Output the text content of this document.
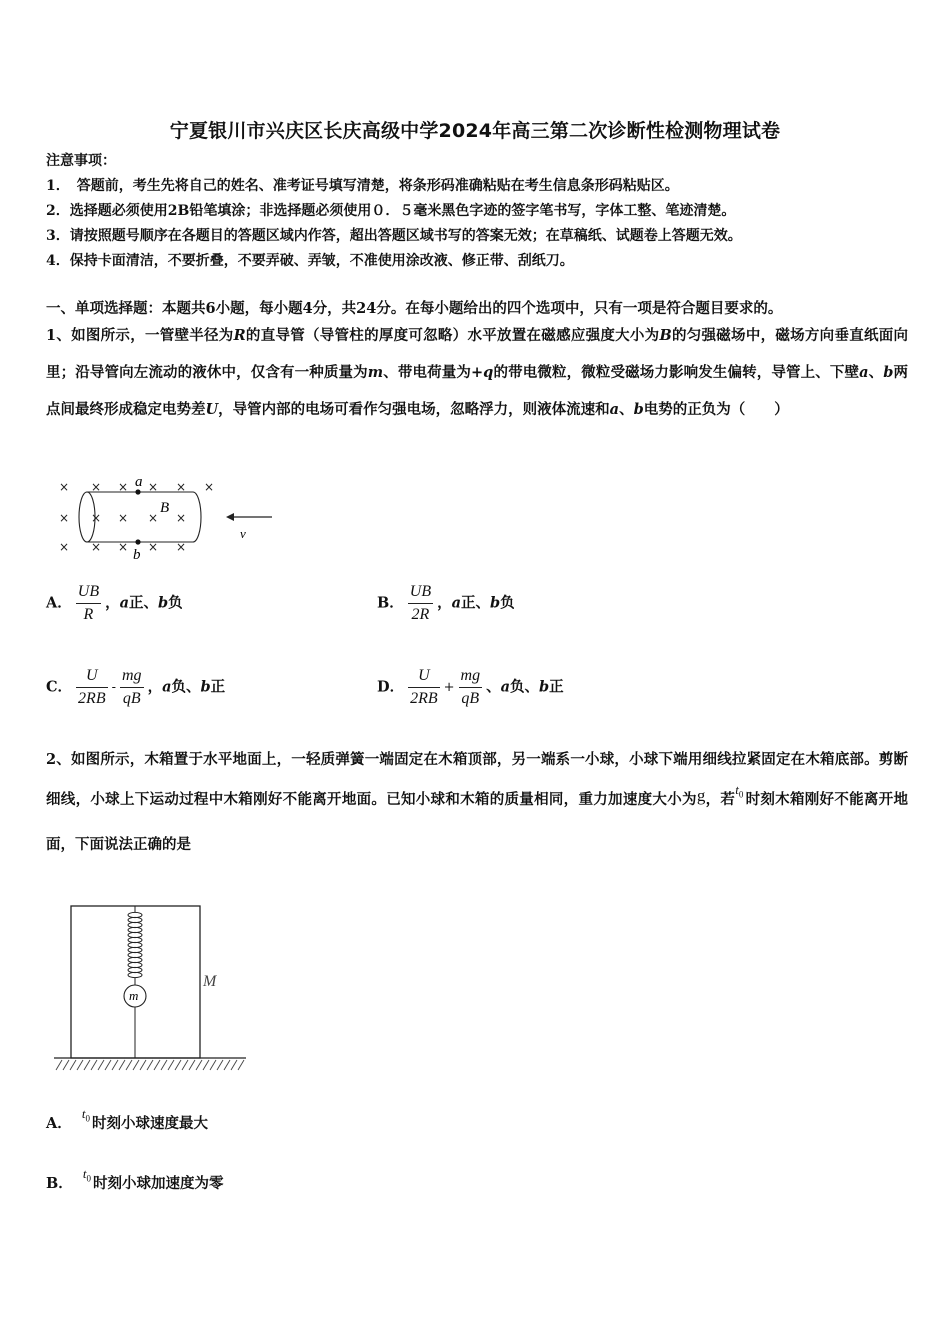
宁夏银川市兴庆区长庆高级中学2024年高三第二次诊断性检测物理试卷
注意事项：
1．　答题前，考生先将自己的姓名、准考证号填写清楚，将条形码准确粘贴在考生信息条形码粘贴区。
2．选择题必须使用2B铅笔填涂；非选择题必须使用０．５毫米黑色字迹的签字笔书写，字体工整、笔迹清楚。
3．请按照题号顺序在各题目的答题区域内作答，超出答题区域书写的答案无效；在草稿纸、试题卷上答题无效。
4．保持卡面清洁，不要折叠，不要弄破、弄皱，不准使用涂改液、修正带、刮纸刀。
一、单项选择题：本题共6小题，每小题4分，共24分。在每小题给出的四个选项中，只有一项是符合题目要求的。
1、如图所示，一管壁半径为R的直导管（导管柱的厚度可忽略）水平放置在磁感应强度大小为B的匀强磁场中，磁场方向垂直纸面向里；沿导管向左流动的液休中，仅含有一种质量为m、带电荷量为+q的带电微粒，微粒受磁场力影响发生偏转，导管上、下壁a、b两点间最终形成稳定电势差U，导管内部的电场可看作匀强电场，忽略浮力，则液体流速和a、b电势的正负为（　　）
× × × × × ×
× × × × ×
× × × × ×
a
b
B
v
A． $\frac{UB}{R}$ ，a正、b负	B． $\frac{UB}{2R}$ ，a正、b负
C． $\frac{U}{2RB} - \frac{mg}{qB}$ ，a负、b正	D． $\frac{U}{2RB} + \frac{mg}{qB}$ 、a负、b正
2、如图所示，木箱置于水平地面上，一轻质弹簧一端固定在木箱顶部，另一端系一小球，小球下端用细线拉紧固定在木箱底部。剪断细线，小球上下运动过程中木箱刚好不能离开地面。已知小球和木箱的质量相同，重力加速度大小为g，若$t_0$ 时刻木箱刚好不能离开地面，下面说法正确的是
m
M
A．  $t_0$ 时刻小球速度最大
B．  $t_0$ 时刻小球加速度为零
